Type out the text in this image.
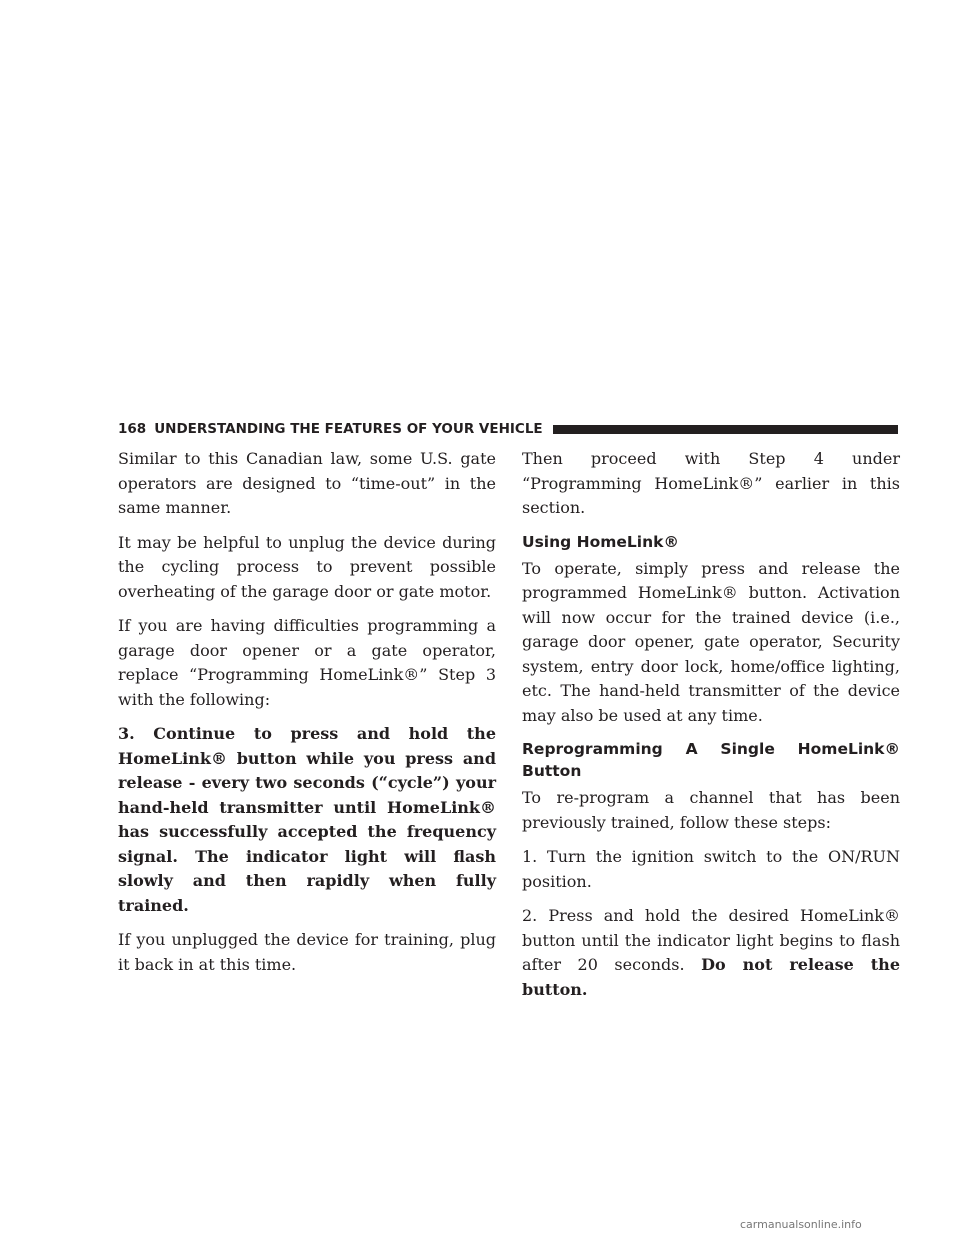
168 UNDERSTANDING THE FEATURES OF YOUR VEHICLE

Similar to this Canadian law, some U.S. gate operators are designed to “time-out” in the same manner.

It may be helpful to unplug the device during the cycling process to prevent possible overheating of the garage door or gate motor.

If you are having difficulties programming a garage door opener or a gate operator, replace “Programming HomeLink®” Step 3 with the following:

3. Continue to press and hold the HomeLink® button while you press and release - every two seconds (“cycle”) your hand-held transmitter until HomeLink® has successfully accepted the frequency signal. The indicator light will flash slowly and then rapidly when fully trained.

If you unplugged the device for training, plug it back in at this time.

Then proceed with Step 4 under “Programming HomeLink®” earlier in this section.

Using HomeLink®

To operate, simply press and release the programmed HomeLink® button. Activation will now occur for the trained device (i.e., garage door opener, gate operator, Security system, entry door lock, home/office lighting, etc. The hand-held transmitter of the device may also be used at any time.

Reprogramming A Single HomeLink® Button

To re-program a channel that has been previously trained, follow these steps:

1. Turn the ignition switch to the ON/RUN position.

2. Press and hold the desired HomeLink® button until the indicator light begins to flash after 20 seconds. Do not release the button.

carmanualsonline.info
